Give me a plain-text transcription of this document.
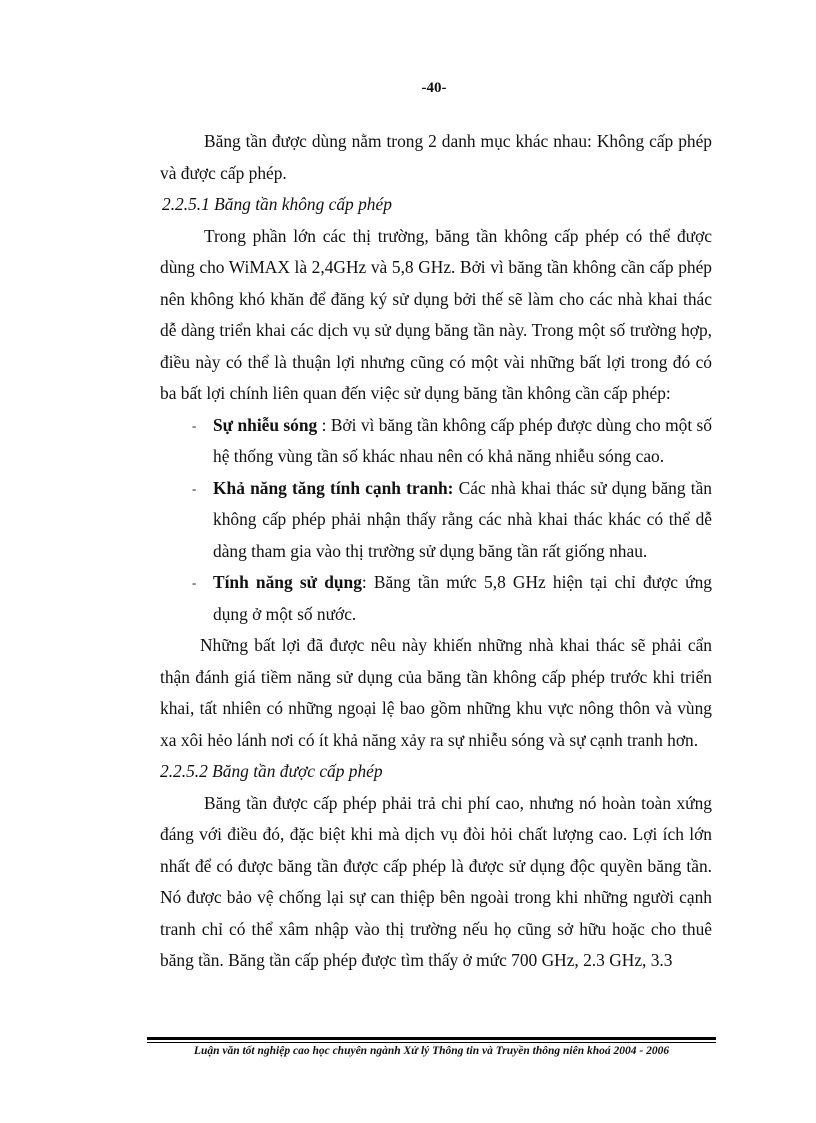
-40-

Băng tần được dùng nằm trong 2 danh mục khác nhau: Không cấp phép và được cấp phép.

2.2.5.1 Băng tần không cấp phép

Trong phần lớn các thị trường, băng tần không cấp phép có thể được dùng cho WiMAX là 2,4GHz và 5,8 GHz. Bởi vì băng tần không cần cấp phép nên không khó khăn để đăng ký sử dụng bởi thế sẽ làm cho các nhà khai thác dễ dàng triển khai các dịch vụ sử dụng băng tần này. Trong một số trường hợp, điều này có thể là thuận lợi nhưng cũng có một vài những bất lợi trong đó có ba bất lợi chính liên quan đến việc sử dụng băng tần không cần cấp phép:

- Sự nhiễu sóng : Bởi vì băng tần không cấp phép được dùng cho một số hệ thống vùng tần số khác nhau nên có khả năng nhiễu sóng cao.
- Khả năng tăng tính cạnh tranh: Các nhà khai thác sử dụng băng tần không cấp phép phải nhận thấy rằng các nhà khai thác khác có thể dễ dàng tham gia vào thị trường sử dụng băng tần rất giống nhau.
- Tính năng sử dụng: Băng tần mức 5,8 GHz hiện tại chỉ được ứng dụng ở một số nước.

Những bất lợi đã được nêu này khiến những nhà khai thác sẽ phải cẩn thận đánh giá tiềm năng sử dụng của băng tần không cấp phép trước khi triển khai, tất nhiên có những ngoại lệ bao gồm những khu vực nông thôn và vùng xa xôi hẻo lánh nơi có ít khả năng xảy ra sự nhiễu sóng và sự cạnh tranh hơn.

2.2.5.2 Băng tần được cấp phép

Băng tần được cấp phép phải trả chi phí cao, nhưng nó hoàn toàn xứng đáng với điều đó, đặc biệt khi mà dịch vụ đòi hỏi chất lượng cao. Lợi ích lớn nhất để có được băng tần được cấp phép là được sử dụng độc quyền băng tần. Nó được bảo vệ chống lại sự can thiệp bên ngoài trong khi những người cạnh tranh chỉ có thể xâm nhập vào thị trường nếu họ cũng sở hữu hoặc cho thuê băng tần. Băng tần cấp phép được tìm thấy ở mức 700 GHz, 2.3 GHz, 3.3

Luận văn tốt nghiệp cao học chuyên ngành Xử lý Thông tin và Truyền thông niên khoá 2004 - 2006
